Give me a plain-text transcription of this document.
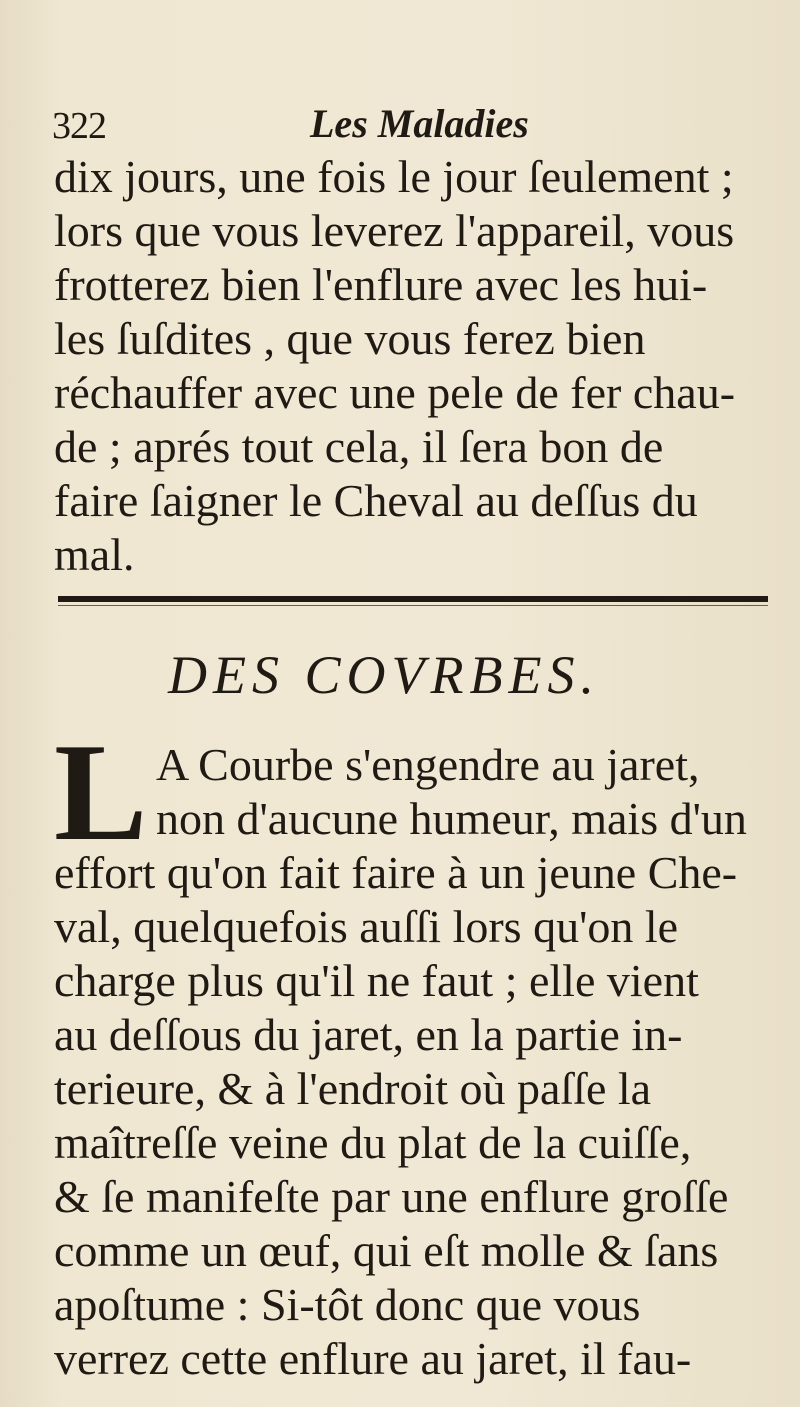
322	Les Maladies
dix jours, une fois le jour ſeulement ;
lors que vous leverez l'appareil, vous
frotterez bien l'enflure avec les hui-
les ſuſdites , que vous ferez bien
réchauffer avec une pele de fer chau-
de ; aprés tout cela, il ſera bon de
faire ſaigner le Cheval au deſſus du
mal.
DES COVRBES.
L A Courbe s'engendre au jaret,
non d'aucune humeur, mais d'un
effort qu'on fait faire à un jeune Che-
val, quelquefois auſſi lors qu'on le
charge plus qu'il ne faut ; elle vient
au deſſous du jaret, en la partie in-
terieure, & à l'endroit où paſſe la
maîtreſſe veine du plat de la cuiſſe,
& ſe manifeſte par une enflure groſſe
comme un œuf, qui eſt molle & ſans
apoſtume : Si-tôt donc que vous
verrez cette enflure au jaret, il fau-
